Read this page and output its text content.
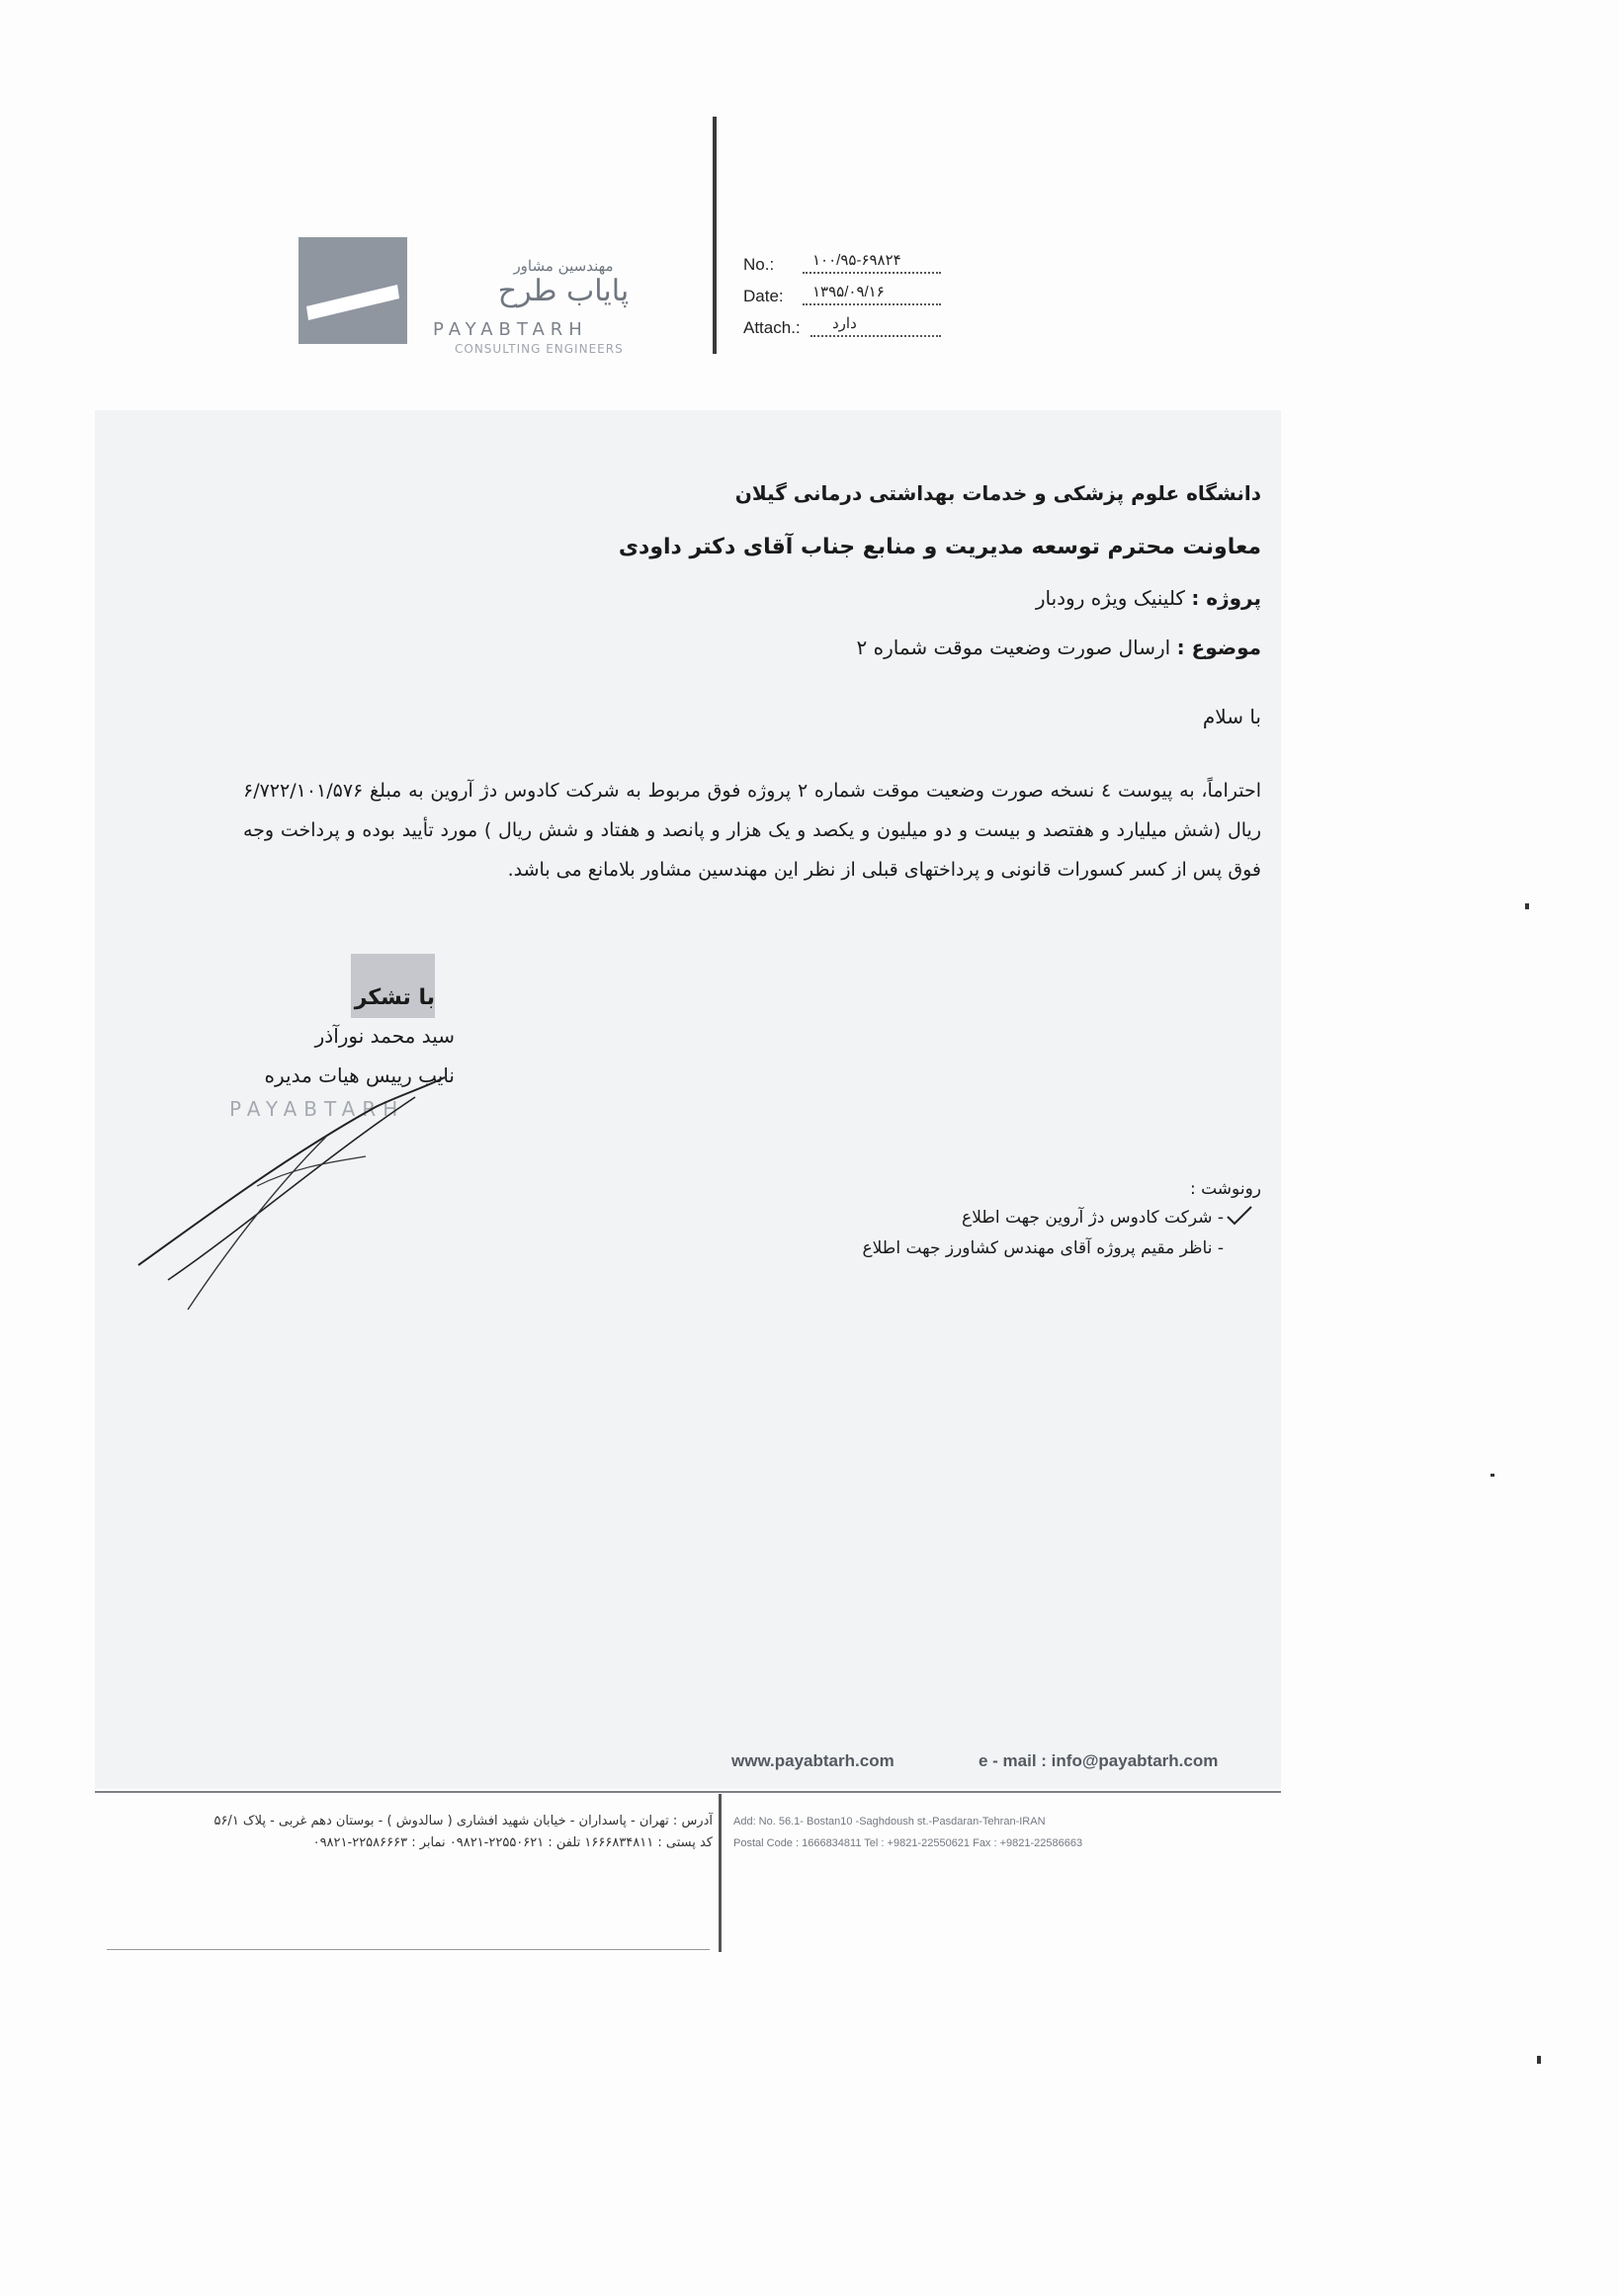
مهندسین مشاور
پایاب طرح
PAYABTARH
CONSULTING ENGINEERS
No.:	۱۰۰/۹۵-۶۹۸۲۴
Date: ۱۳۹۵/۰۹/۱۶
Attach.: دارد
دانشگاه علوم پزشکی و خدمات بهداشتی درمانی گیلان
معاونت محترم توسعه مدیریت و منابع جناب آقای دکتر داودی
پروژه : کلینیک ویژه رودبار
موضوع : ارسال صورت وضعیت موقت شماره ۲
با سلام
احتراماً، به پیوست ٤ نسخه صورت وضعیت موقت شماره ۲ پروژه فوق مربوط به شرکت کادوس دژ آروین به مبلغ ۶/۷۲۲/۱۰۱/۵۷۶ ریال (شش میلیارد و هفتصد و بیست و دو میلیون و یکصد و یک هزار و پانصد و هفتاد و شش ریال ) مورد تأیید بوده و پرداخت وجه فوق پس از کسر کسورات قانونی و پرداختهای قبلی از نظر این مهندسین مشاور بلامانع می باشد.
با تشکر
سید محمد نورآذر
نایب رییس هیات مدیره
PAYABTARH
رونوشت :
- شرکت کادوس دژ آروین جهت اطلاع
- ناظر مقیم پروژه آقای مهندس کشاورز جهت اطلاع
www.payabtarh.com	e - mail : info@payabtarh.com
آدرس : تهران - پاسداران - خیابان شهید افشاری ( سالدوش ) - بوستان دهم غربی - پلاک ۵۶/۱
کد پستی : ۱۶۶۶۸۳۴۸۱۱ تلفن : ۲۲۵۵۰۶۲۱-۰۹۸۲۱ نمابر : ۲۲۵۸۶۶۶۳-۰۹۸۲۱
Add: No. 56.1- Bostan10 -Saghdoush st.-Pasdaran-Tehran-IRAN
Postal Code : 1666834811 Tel : +9821-22550621 Fax : +9821-22586663
